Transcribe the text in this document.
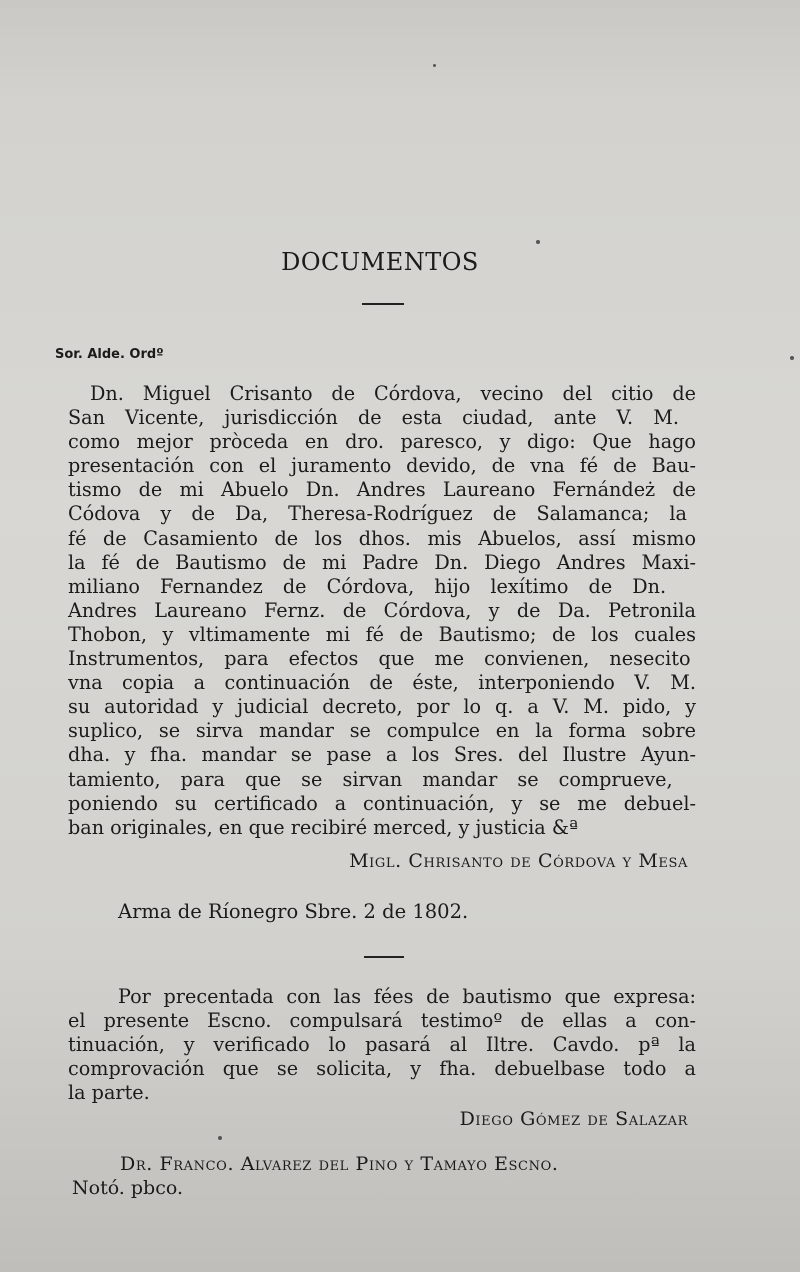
DOCUMENTOS
Sor. Alde. Ordº
Dn. Miguel Crisanto de Córdova, vecino del citio de
San Vicente, jurisdicción de esta ciudad, ante V. M.
como mejor pròceda en dro. paresco, y digo: Que hago
presentación con el juramento devido, de vna fé de Bau-
tismo de mi Abuelo Dn. Andres Laureano Fernándeż de
Códova y de Da, Theresa-Rodríguez de Salamanca; la
fé de Casamiento de los dhos. mis Abuelos, assí mismo
la fé de Bautismo de mi Padre Dn. Diego Andres Maxi-
miliano Fernandez de Córdova, hijo lexítimo de Dn.
Andres Laureano Fernz. de Córdova, y de Da. Petronila
Thobon, y vltimamente mi fé de Bautismo; de los cuales
Instrumentos, para efectos que me convienen, nesecito
vna copia a continuación de éste, interponiendo V. M.
su autoridad y judicial decreto, por lo q. a V. M. pido, y
suplico, se sirva mandar se compulce en la forma sobre
dha. y fha. mandar se pase a los Sres. del Ilustre Ayun-
tamiento, para que se sirvan mandar se comprueve,
poniendo su certificado a continuación, y se me debuel-
ban originales, en que recibiré merced, y justicia &ª
Migl. Chrisanto de Córdova y Mesa
Arma de Ríonegro Sbre. 2 de 1802.
Por precentada con las fées de bautismo que expresa:
el presente Escno. compulsará testimoº de ellas a con-
tinuación, y verificado lo pasará al Iltre. Cavdo. pª la
comprovación que se solicita, y fha. debuelbase todo a
la parte.
Diego Gómez de Salazar
Dr. Franco. Alvarez del Pino y Tamayo Escno.
Notó. pbco.
